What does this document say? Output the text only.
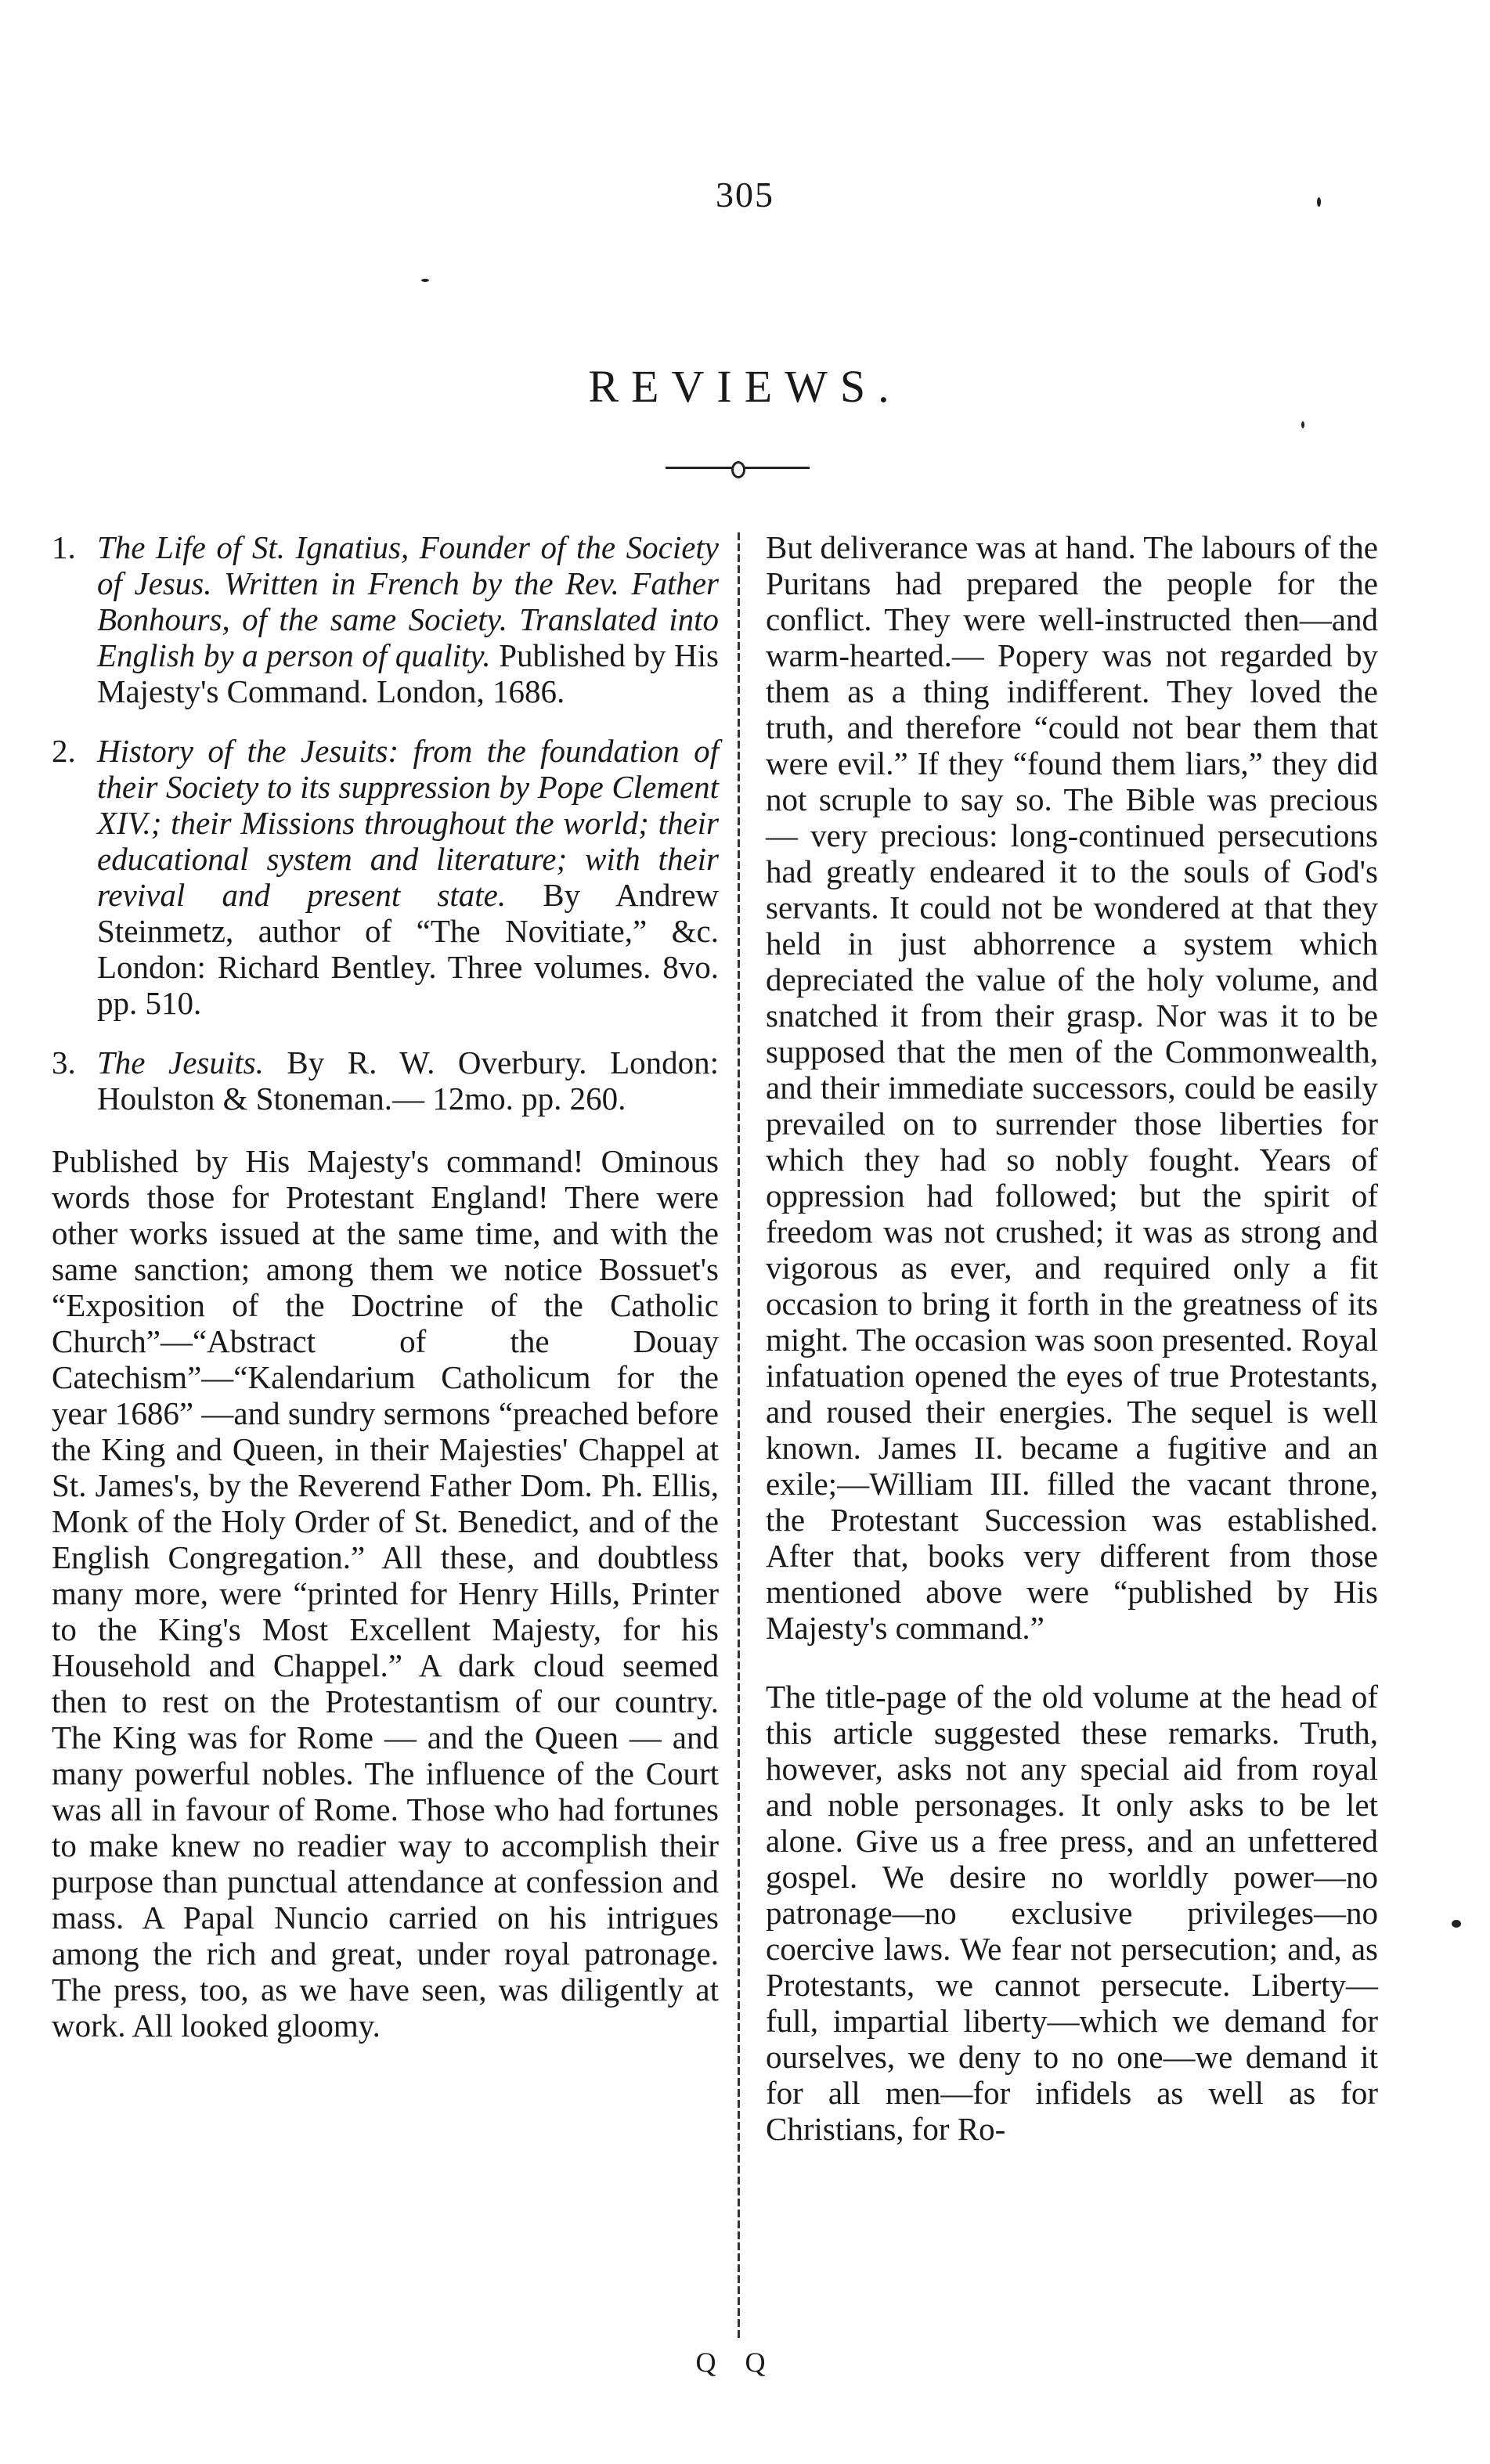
305
REVIEWS.
1. The Life of St. Ignatius, Founder of the Society of Jesus. Written in French by the Rev. Father Bonhours, of the same Society. Translated into English by a person of quality. Published by His Majesty's Command. London, 1686.
2. History of the Jesuits: from the foundation of their Society to its suppression by Pope Clement XIV.; their Missions throughout the world; their educational system and literature; with their revival and present state. By Andrew Steinmetz, author of “The Novitiate,” &c. London: Richard Bentley. Three volumes. 8vo. pp. 510.
3. The Jesuits. By R. W. Overbury. London: Houlston & Stoneman.— 12mo. pp. 260.

Published by His Majesty's command! Ominous words those for Protestant England! There were other works issued at the same time, and with the same sanction; among them we notice Bossuet's “Exposition of the Doctrine of the Catholic Church”—“Abstract of the Douay Catechism”—“Kalendarium Catholicum for the year 1686” —and sundry sermons “preached before the King and Queen, in their Majesties' Chappel at St. James's, by the Reverend Father Dom. Ph. Ellis, Monk of the Holy Order of St. Benedict, and of the English Congregation.” All these, and doubtless many more, were “printed for Henry Hills, Printer to the King's Most Excellent Majesty, for his Household and Chappel.” A dark cloud seemed then to rest on the Protestantism of our country. The King was for Rome — and the Queen — and many powerful nobles. The influence of the Court was all in favour of Rome. Those who had fortunes to make knew no readier way to accomplish their purpose than punctual attendance at confession and mass. A Papal Nuncio carried on his intrigues among the rich and great, under royal patronage. The press, too, as we have seen, was diligently at work. All looked gloomy.

But deliverance was at hand. The labours of the Puritans had prepared the people for the conflict. They were well-instructed then—and warm-hearted.— Popery was not regarded by them as a thing indifferent. They loved the truth, and therefore “could not bear them that were evil.” If they “found them liars,” they did not scruple to say so. The Bible was precious — very precious: long-continued persecutions had greatly endeared it to the souls of God's servants. It could not be wondered at that they held in just abhorrence a system which depreciated the value of the holy volume, and snatched it from their grasp. Nor was it to be supposed that the men of the Commonwealth, and their immediate successors, could be easily prevailed on to surrender those liberties for which they had so nobly fought. Years of oppression had followed; but the spirit of freedom was not crushed; it was as strong and vigorous as ever, and required only a fit occasion to bring it forth in the greatness of its might. The occasion was soon presented. Royal infatuation opened the eyes of true Protestants, and roused their energies. The sequel is well known. James II. became a fugitive and an exile;—William III. filled the vacant throne, the Protestant Succession was established. After that, books very different from those mentioned above were “published by His Majesty's command.”

The title-page of the old volume at the head of this article suggested these remarks. Truth, however, asks not any special aid from royal and noble personages. It only asks to be let alone. Give us a free press, and an unfettered gospel. We desire no worldly power—no patronage—no exclusive privileges—no coercive laws. We fear not persecution; and, as Protestants, we cannot persecute. Liberty—full, impartial liberty—which we demand for ourselves, we deny to no one—we demand it for all men—for infidels as well as for Christians, for Ro-

Q Q
